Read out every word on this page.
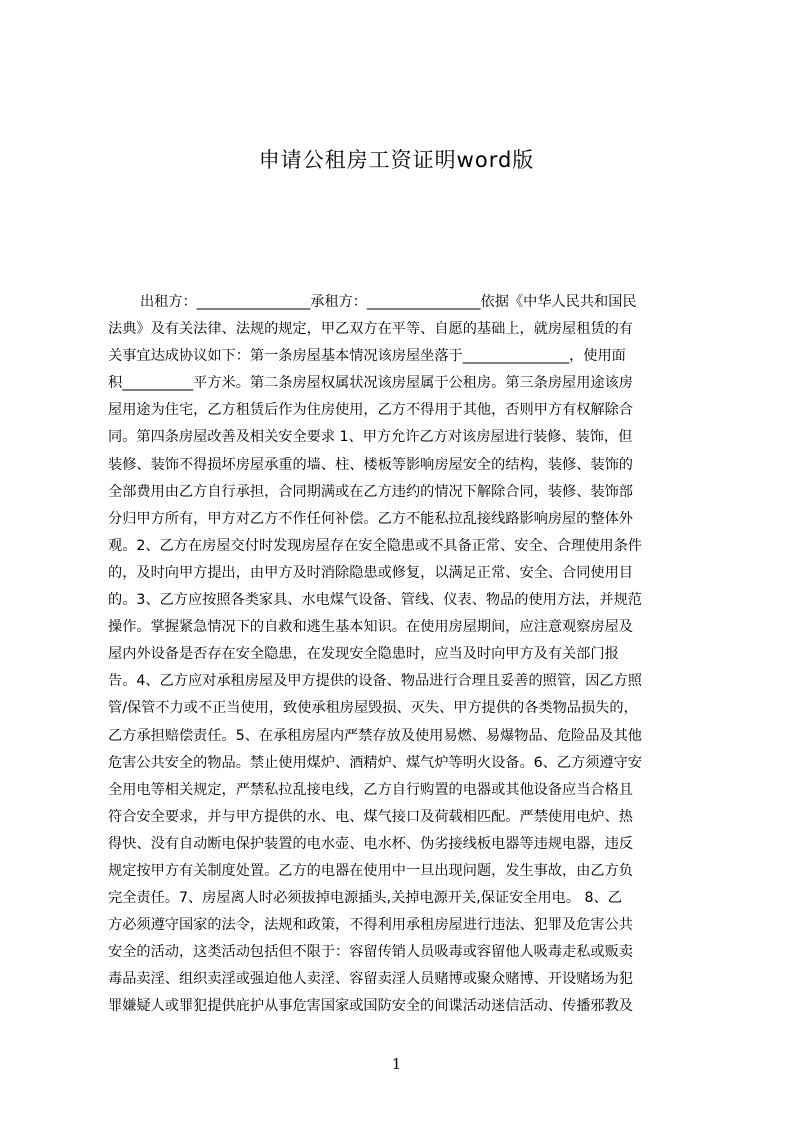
申请公租房工资证明word版
出租方：________________承租方：________________依据《中华人民共和国民
法典》及有关法律、法规的规定，甲乙双方在平等、自愿的基础上，就房屋租赁的有
关事宜达成协议如下：第一条房屋基本情况该房屋坐落于_______________，使用面
积__________平方米。第二条房屋权属状况该房屋属于公租房。第三条房屋用途该房
屋用途为住宅，乙方租赁后作为住房使用，乙方不得用于其他，否则甲方有权解除合
同。第四条房屋改善及相关安全要求 1、甲方允许乙方对该房屋进行装修、装饰，但
装修、装饰不得损坏房屋承重的墙、柱、楼板等影响房屋安全的结构，装修、装饰的
全部费用由乙方自行承担，合同期满或在乙方违约的情况下解除合同，装修、装饰部
分归甲方所有，甲方对乙方不作任何补偿。乙方不能私拉乱接线路影响房屋的整体外
观。2、乙方在房屋交付时发现房屋存在安全隐患或不具备正常、安全、合理使用条件
的，及时向甲方提出，由甲方及时消除隐患或修复，以满足正常、安全、合同使用目
的。3、乙方应按照各类家具、水电煤气设备、管线、仪表、物品的使用方法，并规范
操作。掌握紧急情况下的自救和逃生基本知识。在使用房屋期间，应注意观察房屋及
屋内外设备是否存在安全隐患，在发现安全隐患时，应当及时向甲方及有关部门报
告。4、乙方应对承租房屋及甲方提供的设备、物品进行合理且妥善的照管，因乙方照
管/保管不力或不正当使用，致使承租房屋毁损、灭失、甲方提供的各类物品损失的，
乙方承担赔偿责任。5、在承租房屋内严禁存放及使用易燃、易爆物品、危险品及其他
危害公共安全的物品。禁止使用煤炉、酒精炉、煤气炉等明火设备。6、乙方须遵守安
全用电等相关规定，严禁私拉乱接电线，乙方自行购置的电器或其他设备应当合格且
符合安全要求，并与甲方提供的水、电、煤气接口及荷载相匹配。严禁使用电炉、热
得快、没有自动断电保护装置的电水壶、电水杯、伪劣接线板电器等违规电器，违反
规定按甲方有关制度处置。乙方的电器在使用中一旦出现问题，发生事故，由乙方负
完全责任。7、房屋离人时必须拔掉电源插头,关掉电源开关,保证安全用电。 8、乙
方必须遵守国家的法令，法规和政策，不得利用承租房屋进行违法、犯罪及危害公共
安全的活动，这类活动包括但不限于：容留传销人员吸毒或容留他人吸毒走私或贩卖
毒品卖淫、组织卖淫或强迫他人卖淫、容留卖淫人员赌博或聚众赌博、开设赌场为犯
罪嫌疑人或罪犯提供庇护从事危害国家或国防安全的间谍活动迷信活动、传播邪教及
1
